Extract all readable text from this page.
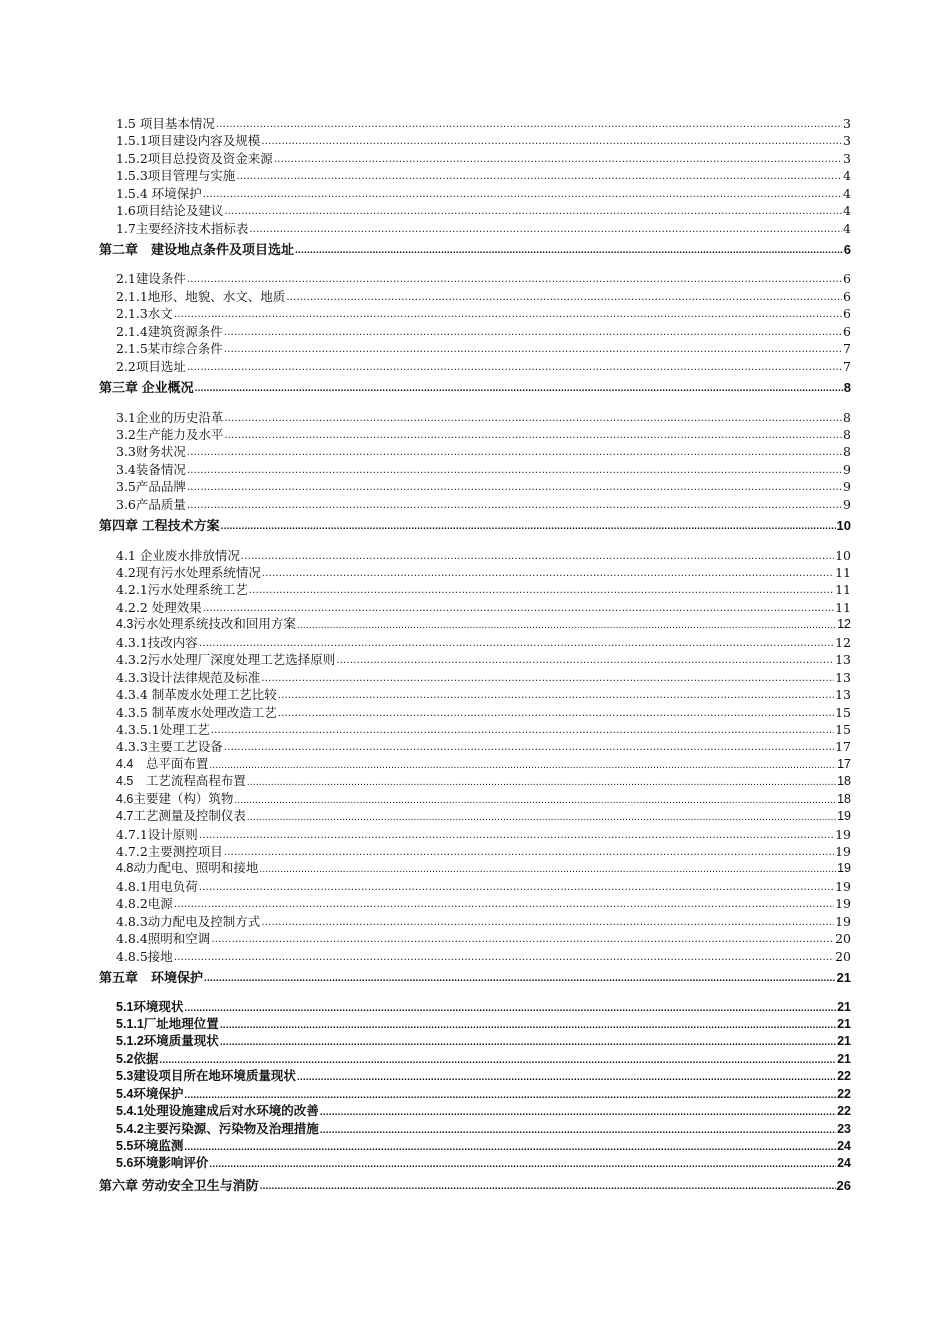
1.5 项目基本情况 .....	3
1.5.1项目建设内容及规模 .....	3
1.5.2项目总投资及资金来源 .....	3
1.5.3项目管理与实施 .....	4
1.5.4 环境保护 .....	4
1.6项目结论及建议 .....	4
1.7主要经济技术指标表 .....	4
第二章　建设地点条件及项目选址 .....	6
2.1建设条件 .....	6
2.1.1地形、地貌、水文、地质 .....	6
2.1.3水文 .....	6
2.1.4建筑资源条件 .....	6
2.1.5某市综合条件 .....	7
2.2项目选址 .....	7
第三章 企业概况 .....	8
3.1企业的历史沿革 .....	8
3.2生产能力及水平 .....	8
3.3财务状况 .....	8
3.4装备情况 .....	9
3.5产品品牌 .....	9
3.6产品质量 .....	9
第四章 工程技术方案 .....	10
4.1 企业废水排放情况 .....	10
4.2现有污水处理系统情况 .....	11
4.2.1污水处理系统工艺 .....	11
4.2.2 处理效果 .....	11
4.3污水处理系统技改和回用方案 .....	12
4.3.1技改内容 .....	12
4.3.2污水处理厂深度处理工艺选择原则 .....	13
4.3.3设计法律规范及标准 .....	13
4.3.4 制革废水处理工艺比较 .....	13
4.3.5 制革废水处理改造工艺 .....	15
4.3.5.1处理工艺 .....	15
4.3.3主要工艺设备 .....	17
4.4　总平面布置 .....	17
4.5　工艺流程高程布置 .....	18
4.6主要建（构）筑物 .....	18
4.7工艺测量及控制仪表 .....	19
4.7.1设计原则 .....	19
4.7.2主要测控项目 .....	19
4.8动力配电、照明和接地 .....	19
4.8.1用电负荷 .....	19
4.8.2电源 .....	19
4.8.3动力配电及控制方式 .....	19
4.8.4照明和空调 .....	20
4.8.5接地 .....	20
第五章　环境保护 .....	21
5.1环境现状 .....	21
5.1.1厂址地理位置 .....	21
5.1.2环境质量现状 .....	21
5.2依据 .....	21
5.3建设项目所在地环境质量现状 .....	22
5.4环境保护 .....	22
5.4.1处理设施建成后对水环境的改善 .....	22
5.4.2主要污染源、污染物及治理措施 .....	23
5.5环境监测 .....	24
5.6环境影响评价 .....	24
第六章 劳动安全卫生与消防 .....	26
